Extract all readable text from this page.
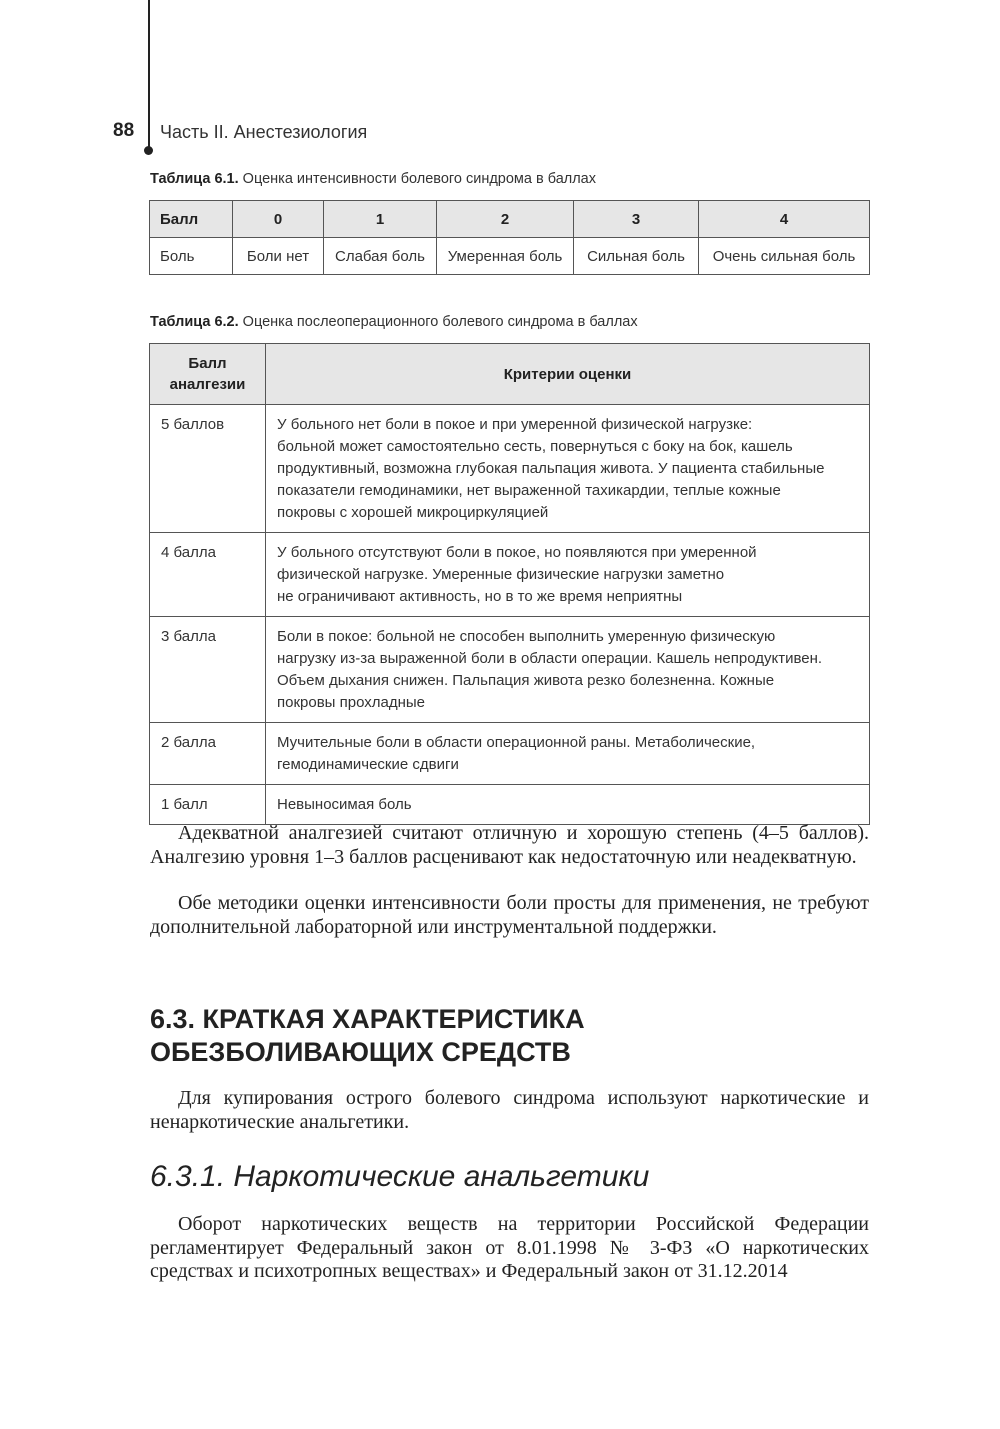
88 Часть II. Анестезиология
Таблица 6.1. Оценка интенсивности болевого синдрома в баллах
Балл	0	1	2	3	4
Боль	Боли нет	Слабая боль	Умеренная боль	Сильная боль	Очень сильная боль
Таблица 6.2. Оценка послеоперационного болевого синдрома в баллах
Балл
аналгезии	Критерии оценки
5 баллов	У больного нет боли в покое и при умеренной физической нагрузке:
больной может самостоятельно сесть, повернуться с боку на бок, кашель
продуктивный, возможна глубокая пальпация живота. У пациента стабильные
показатели гемодинамики, нет выраженной тахикардии, теплые кожные
покровы с хорошей микроциркуляцией
4 балла	У больного отсутствуют боли в покое, но появляются при умеренной
физической нагрузке. Умеренные физические нагрузки заметно
не ограничивают активность, но в то же время неприятны
3 балла	Боли в покое: больной не способен выполнить умеренную физическую
нагрузку из-за выраженной боли в области операции. Кашель непродуктивен.
Объем дыхания снижен. Пальпация живота резко болезненна. Кожные
покровы прохладные
2 балла	Мучительные боли в области операционной раны. Метаболические,
гемодинамические сдвиги
1 балл	Невыносимая боль

Адекватной аналгезией считают отличную и хорошую степень (4–5 баллов). Аналгезию уровня 1–3 баллов расценивают как недостаточную или неадекватную.

Обе методики оценки интенсивности боли просты для применения, не требуют дополнительной лабораторной или инструментальной поддержки.

6.3. КРАТКАЯ ХАРАКТЕРИСТИКА
ОБЕЗБОЛИВАЮЩИХ СРЕДСТВ

Для купирования острого болевого синдрома используют наркотические и ненаркотические анальгетики.

6.3.1. Наркотические анальгетики

Оборот наркотических веществ на территории Российской Федерации регламентирует Федеральный закон от 8.01.1998 № 3-ФЗ «О наркотических средствах и психотропных веществах» и Федеральный закон от 31.12.2014
